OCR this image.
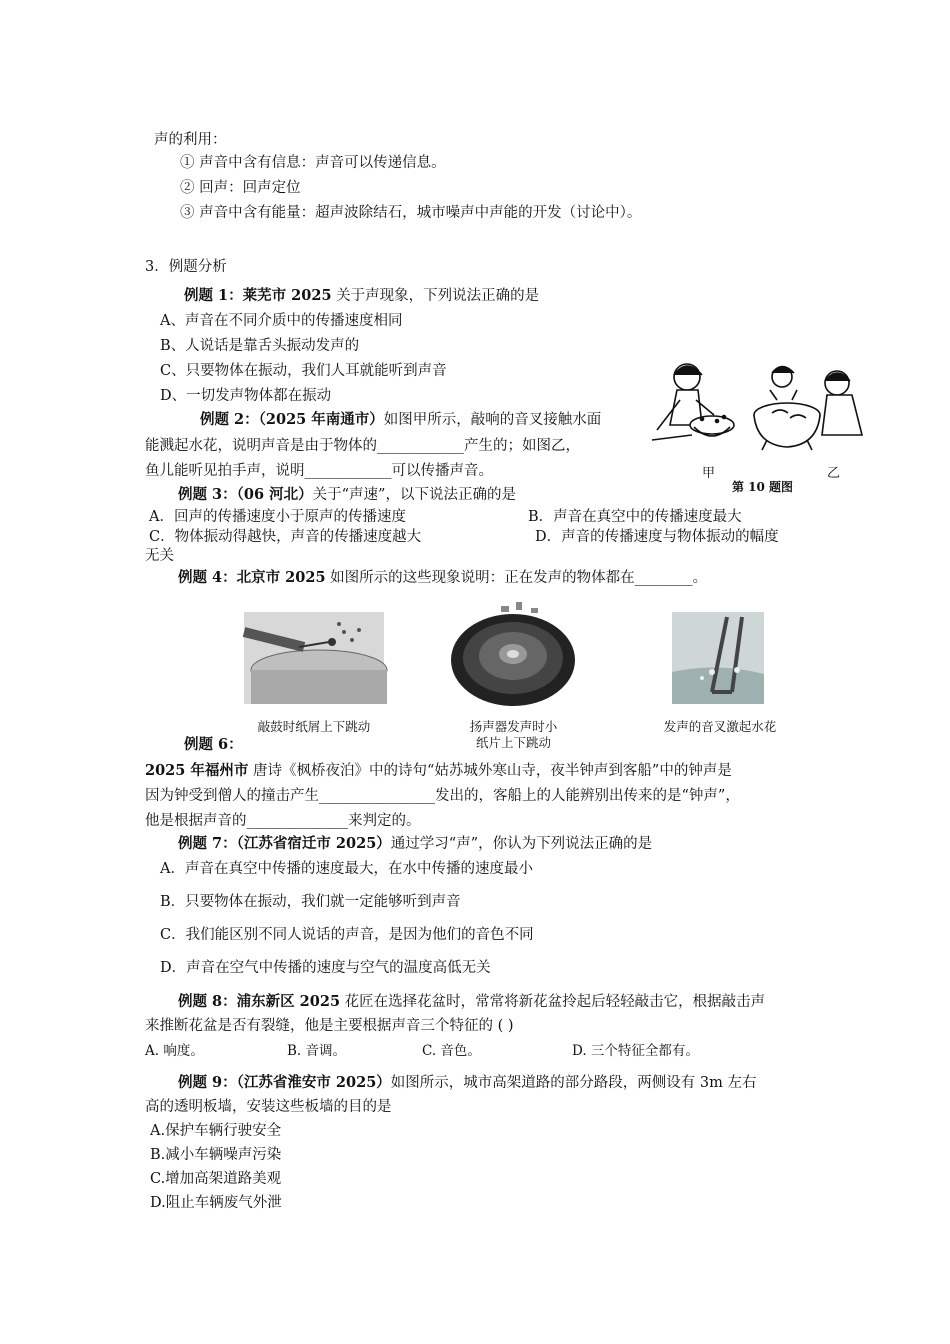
声的利用：
① 声音中含有信息：声音可以传递信息。
② 回声：回声定位
③ 声音中含有能量：超声波除结石，城市噪声中声能的开发（讨论中）。
3．例题分析
例题 1：莱芜市 2025 关于声现象，下列说法正确的是
A、声音在不同介质中的传播速度相同
B、人说话是靠舌头振动发声的
C、只要物体在振动，我们人耳就能听到声音
D、一切发声物体都在振动
例题 2：（2025 年南通市）如图甲所示，敲响的音叉接触水面
能溅起水花，说明声音是由于物体的____________产生的；如图乙，
鱼儿能听见拍手声，说明____________可以传播声音。	甲	乙
第 10 题图
例题 3：（06 河北）关于“声速”，以下说法正确的是
A．回声的传播速度小于原声的传播速度	B．声音在真空中的传播速度最大
C．物体振动得越快，声音的传播速度越大	D．声音的传播速度与物体振动的幅度
无关
例题 4：北京市 2025 如图所示的这些现象说明：正在发声的物体都在________。
敲鼓时纸屑上下跳动	扬声器发声时小
纸片上下跳动
发声的音叉激起水花
例题 6：
2025 年福州市 唐诗《枫桥夜泊》中的诗句“姑苏城外寒山寺，夜半钟声到客船”中的钟声是
因为钟受到僧人的撞击产生________________发出的，客船上的人能辨别出传来的是“钟声”，
他是根据声音的______________来判定的。
例题 7：（江苏省宿迁市 2025）通过学习“声”，你认为下列说法正确的是
A．声音在真空中传播的速度最大，在水中传播的速度最小
B．只要物体在振动，我们就一定能够听到声音
C．我们能区别不同人说话的声音，是因为他们的音色不同
D．声音在空气中传播的速度与空气的温度高低无关
例题 8：浦东新区 2025 花匠在选择花盆时，常常将新花盆拎起后轻轻敲击它，根据敲击声
来推断花盆是否有裂缝，他是主要根据声音三个特征的 ( )
A. 响度。	B. 音调。	C. 音色。	D. 三个特征全都有。
例题 9：（江苏省淮安市 2025）如图所示，城市高架道路的部分路段，两侧设有 3m 左右
高的透明板墙，安装这些板墙的目的是
A.保护车辆行驶安全
B.减小车辆噪声污染
C.增加高架道路美观
D.阻止车辆废气外泄
